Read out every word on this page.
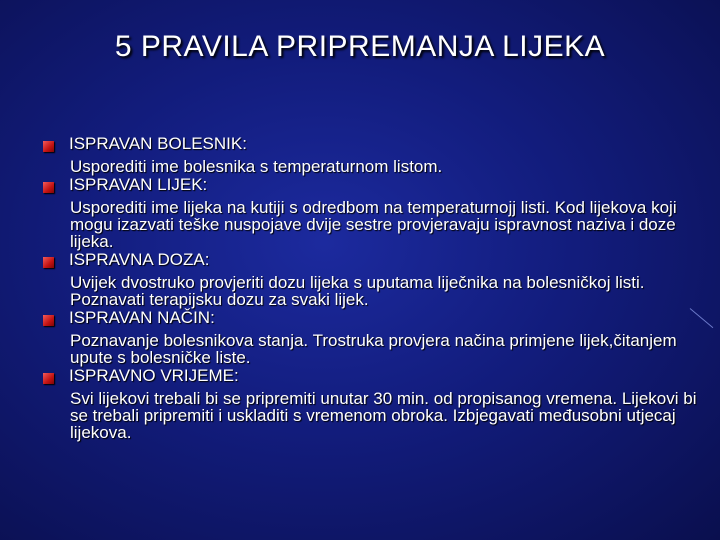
5 PRAVILA PRIPREMANJA LIJEKA
ISPRAVAN BOLESNIK:
Usporediti ime bolesnika s temperaturnom listom.
ISPRAVAN LIJEK:
Usporediti ime lijeka na kutiji s odredbom na temperaturnojj listi. Kod lijekova koji mogu izazvati teške nuspojave dvije sestre provjeravaju ispravnost naziva i doze lijeka.
ISPRAVNA DOZA:
Uvijek dvostruko provjeriti dozu lijeka s uputama liječnika na bolesničkoj listi. Poznavati terapijsku dozu za svaki lijek.
ISPRAVAN NAČIN:
Poznavanje bolesnikova stanja. Trostruka provjera načina primjene lijek,čitanjem upute s bolesničke liste.
ISPRAVNO VRIJEME:
Svi lijekovi trebali bi se pripremiti unutar 30 min. od propisanog vremena. Lijekovi bi se trebali pripremiti i uskladiti s vremenom obroka. Izbjegavati međusobni utjecaj lijekova.
